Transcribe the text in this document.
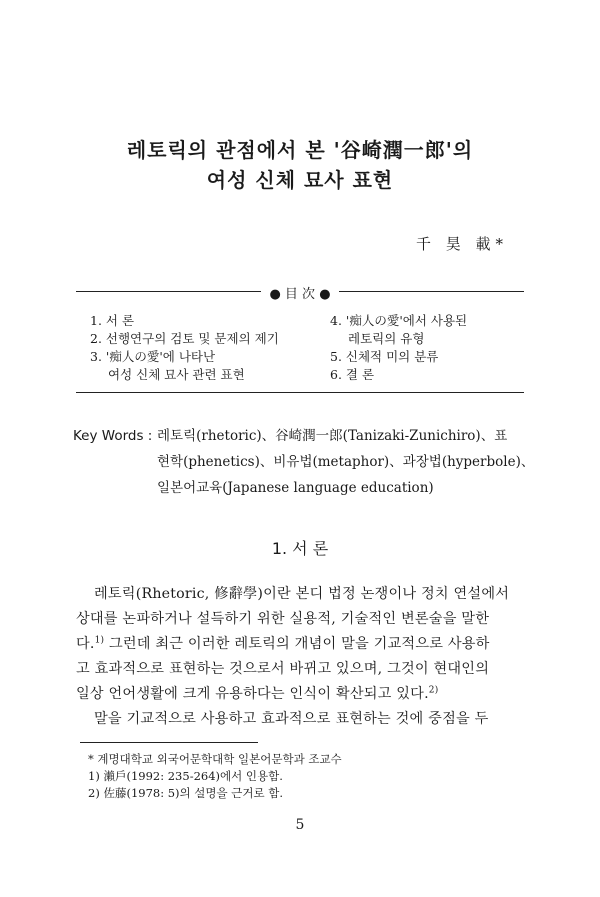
레토릭의 관점에서 본 '谷崎潤一郎'의
여성 신체 묘사 표현
千 昊 載*
● 目 次 ●
1. 서 론
2. 선행연구의 검토 및 문제의 제기
3. '痴人の愛'에 나타난
여성 신체 묘사 관련 표현
4. '痴人の愛'에서 사용된
레토릭의 유형
5. 신체적 미의 분류
6. 결 론
Key Words : 레토릭(rhetoric)、谷崎潤一郎(Tanizaki-Zunichiro)、표
현학(phenetics)、비유법(metaphor)、과장법(hyperbole)、
일본어교육(Japanese language education)
1. 서 론
레토릭(Rhetoric, 修辭學)이란 본디 법정 논쟁이나 정치 연설에서
상대를 논파하거나 설득하기 위한 실용적, 기술적인 변론술을 말한
다.$^{1)}$ 그런데 최근 이러한 레토릭의 개념이 말을 기교적으로 사용하
고 효과적으로 표현하는 것으로서 바뀌고 있으며, 그것이 현대인의
일상 언어생활에 크게 유용하다는 인식이 확산되고 있다.$^{2)}$
말을 기교적으로 사용하고 효과적으로 표현하는 것에 중점을 두
* 계명대학교 외국어문학대학 일본어문학과 조교수
1) 瀨戶(1992: 235-264)에서 인용함.
2) 佐藤(1978: 5)의 설명을 근거로 함.
5
